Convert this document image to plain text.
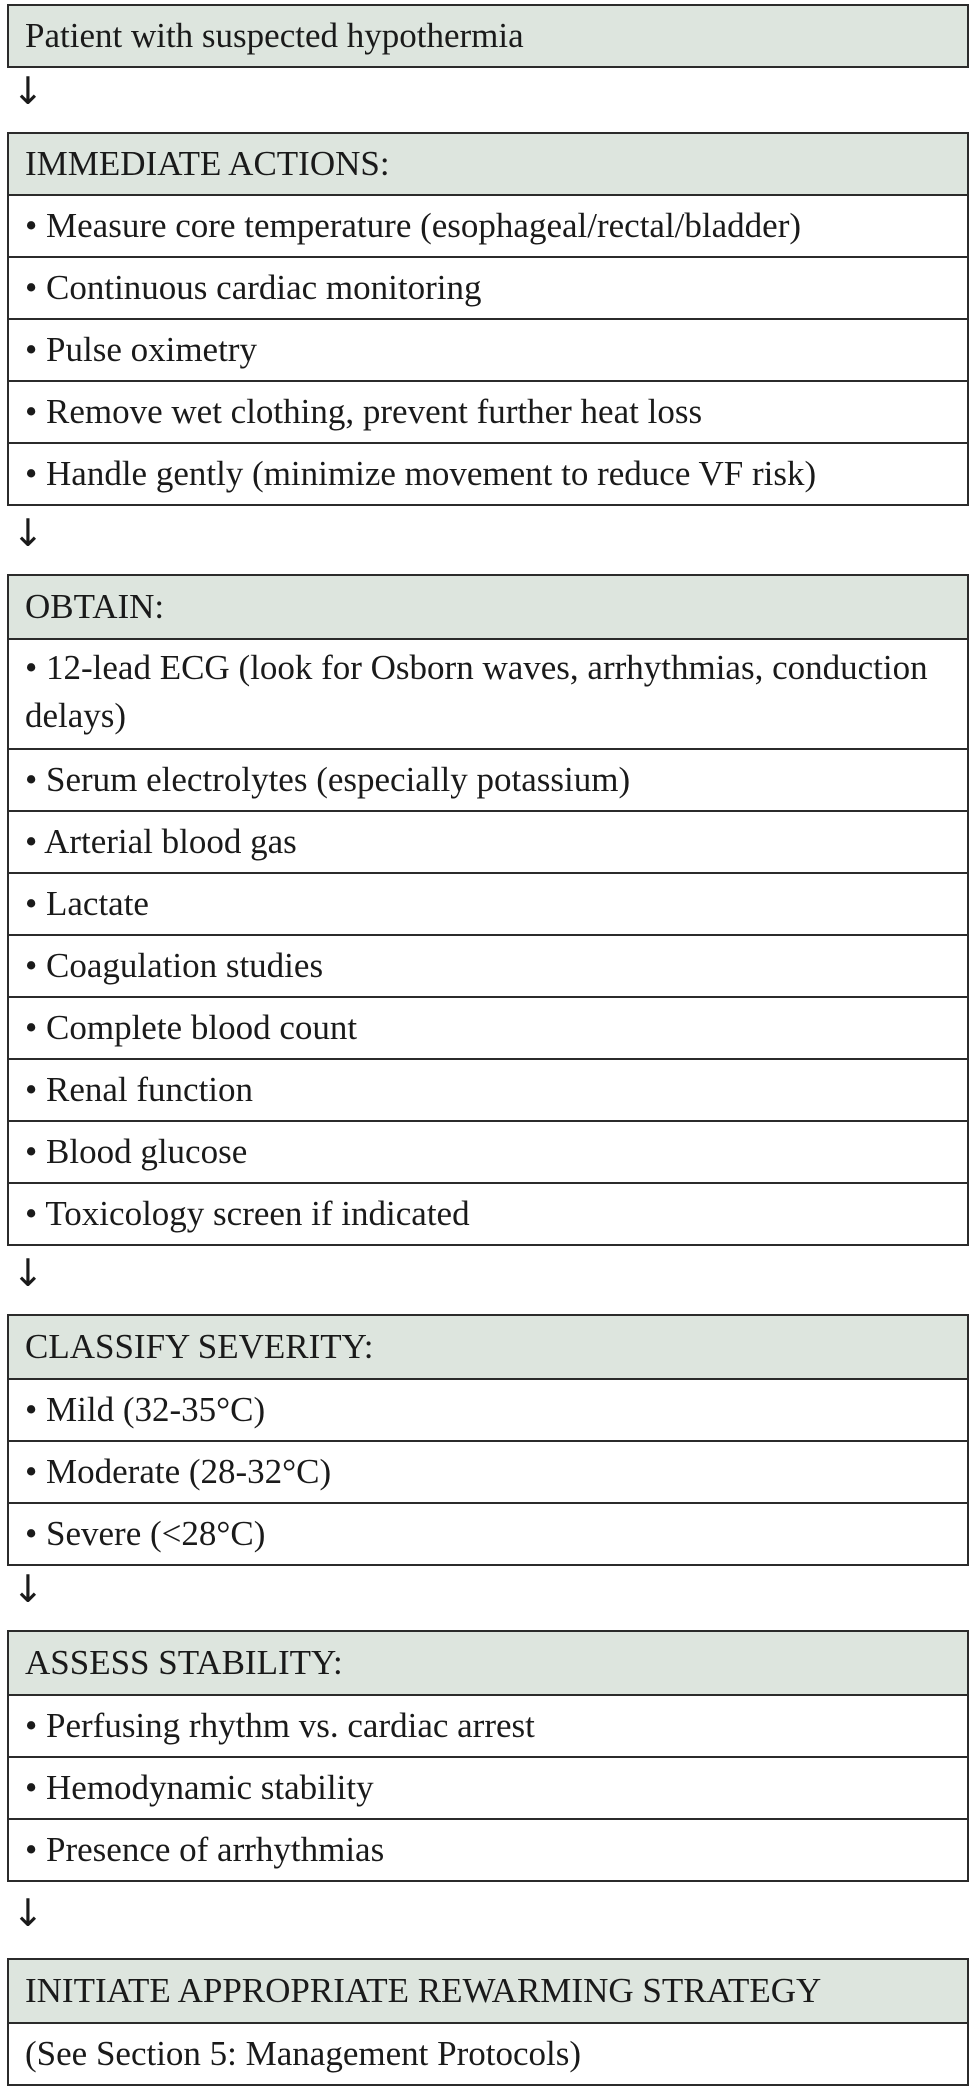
Patient with suspected hypothermia
↓
IMMEDIATE ACTIONS:
• Measure core temperature (esophageal/rectal/bladder)
• Continuous cardiac monitoring
• Pulse oximetry
• Remove wet clothing, prevent further heat loss
• Handle gently (minimize movement to reduce VF risk)
↓
OBTAIN:
• 12-lead ECG (look for Osborn waves, arrhythmias, conduction delays)
• Serum electrolytes (especially potassium)
• Arterial blood gas
• Lactate
• Coagulation studies
• Complete blood count
• Renal function
• Blood glucose
• Toxicology screen if indicated
↓
CLASSIFY SEVERITY:
• Mild (32-35°C)
• Moderate (28-32°C)
• Severe (<28°C)
↓
ASSESS STABILITY:
• Perfusing rhythm vs. cardiac arrest
• Hemodynamic stability
• Presence of arrhythmias
↓
INITIATE APPROPRIATE REWARMING STRATEGY
(See Section 5: Management Protocols)
